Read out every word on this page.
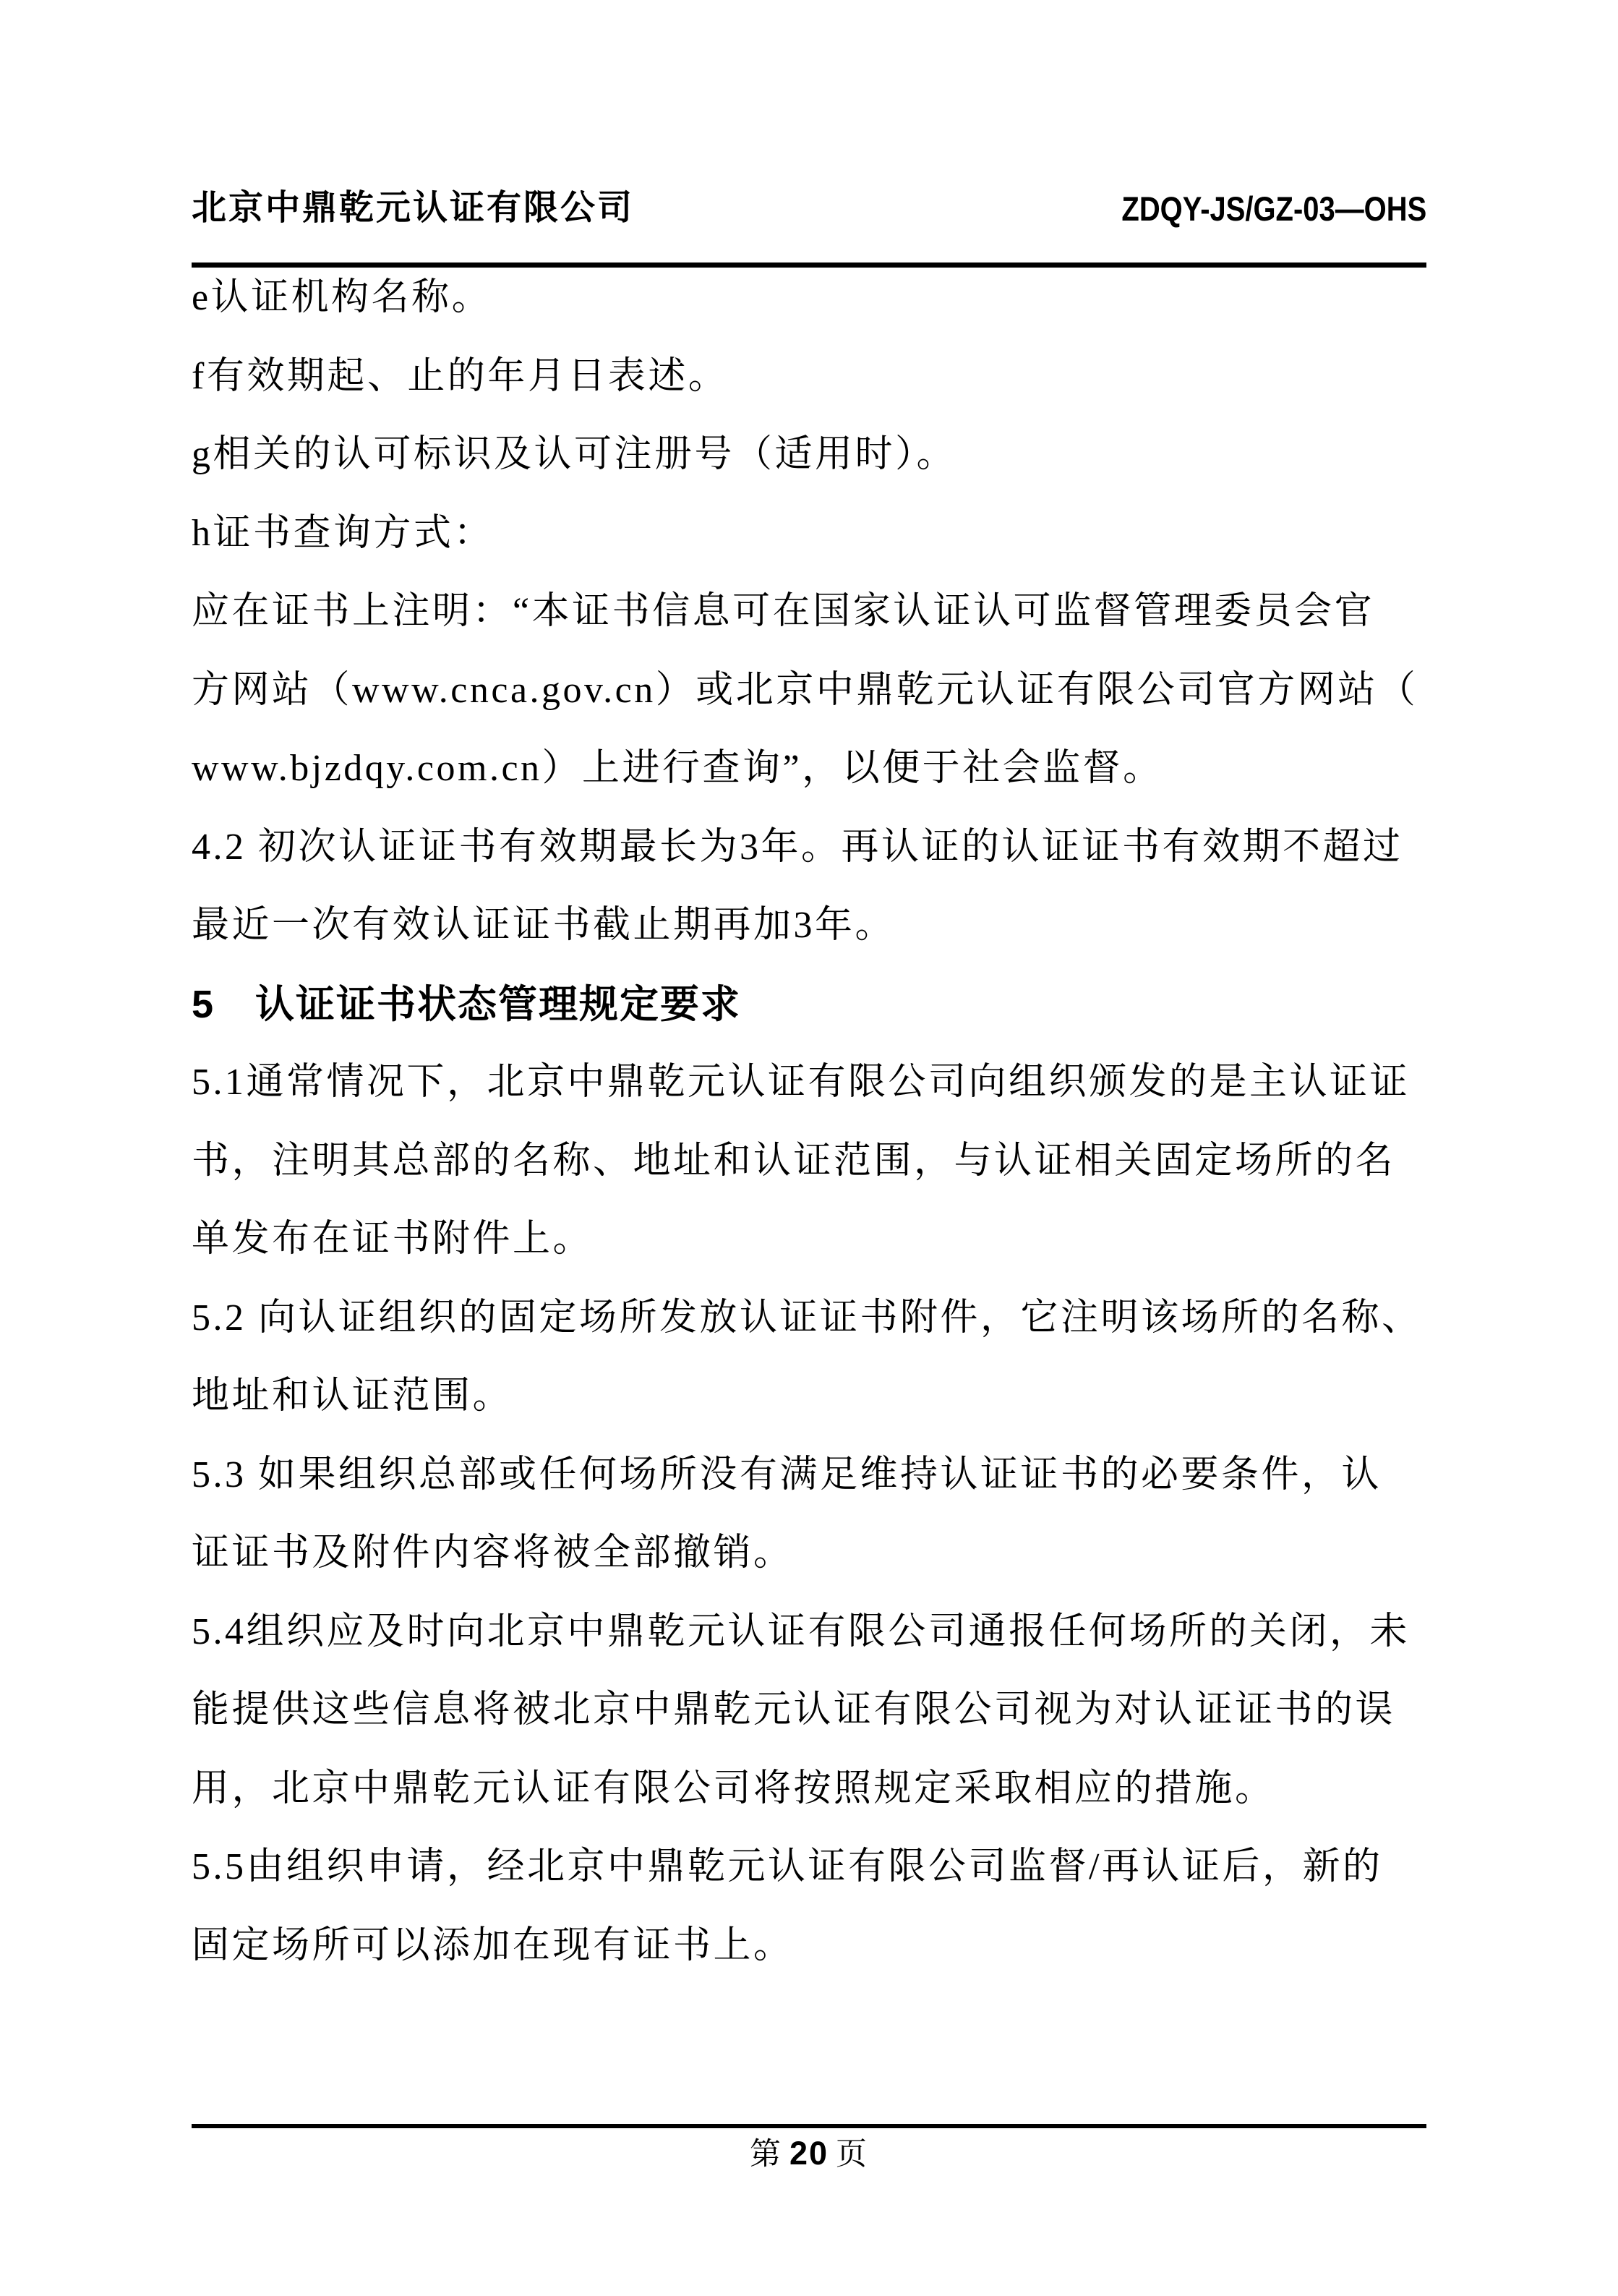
北京中鼎乾元认证有限公司	ZDQY-JS/GZ-03—OHS

e认证机构名称。

f有效期起、止的年月日表述。

g相关的认可标识及认可注册号（适用时）。

h证书查询方式：

应在证书上注明：“本证书信息可在国家认证认可监督管理委员会官

方网站（www.cnca.gov.cn）或北京中鼎乾元认证有限公司官方网站（

www.bjzdqy.com.cn）上进行查询”，以便于社会监督。

4.2 初次认证证书有效期最长为3年。再认证的认证证书有效期不超过

最近一次有效认证证书截止期再加3年。

5　认证证书状态管理规定要求

5.1通常情况下，北京中鼎乾元认证有限公司向组织颁发的是主认证证

书，注明其总部的名称、地址和认证范围，与认证相关固定场所的名

单发布在证书附件上。

5.2 向认证组织的固定场所发放认证证书附件，它注明该场所的名称、

地址和认证范围。

5.3 如果组织总部或任何场所没有满足维持认证证书的必要条件，认

证证书及附件内容将被全部撤销。

5.4组织应及时向北京中鼎乾元认证有限公司通报任何场所的关闭，未

能提供这些信息将被北京中鼎乾元认证有限公司视为对认证证书的误

用，北京中鼎乾元认证有限公司将按照规定采取相应的措施。

5.5由组织申请，经北京中鼎乾元认证有限公司监督/再认证后，新的

固定场所可以添加在现有证书上。

第 20 页
